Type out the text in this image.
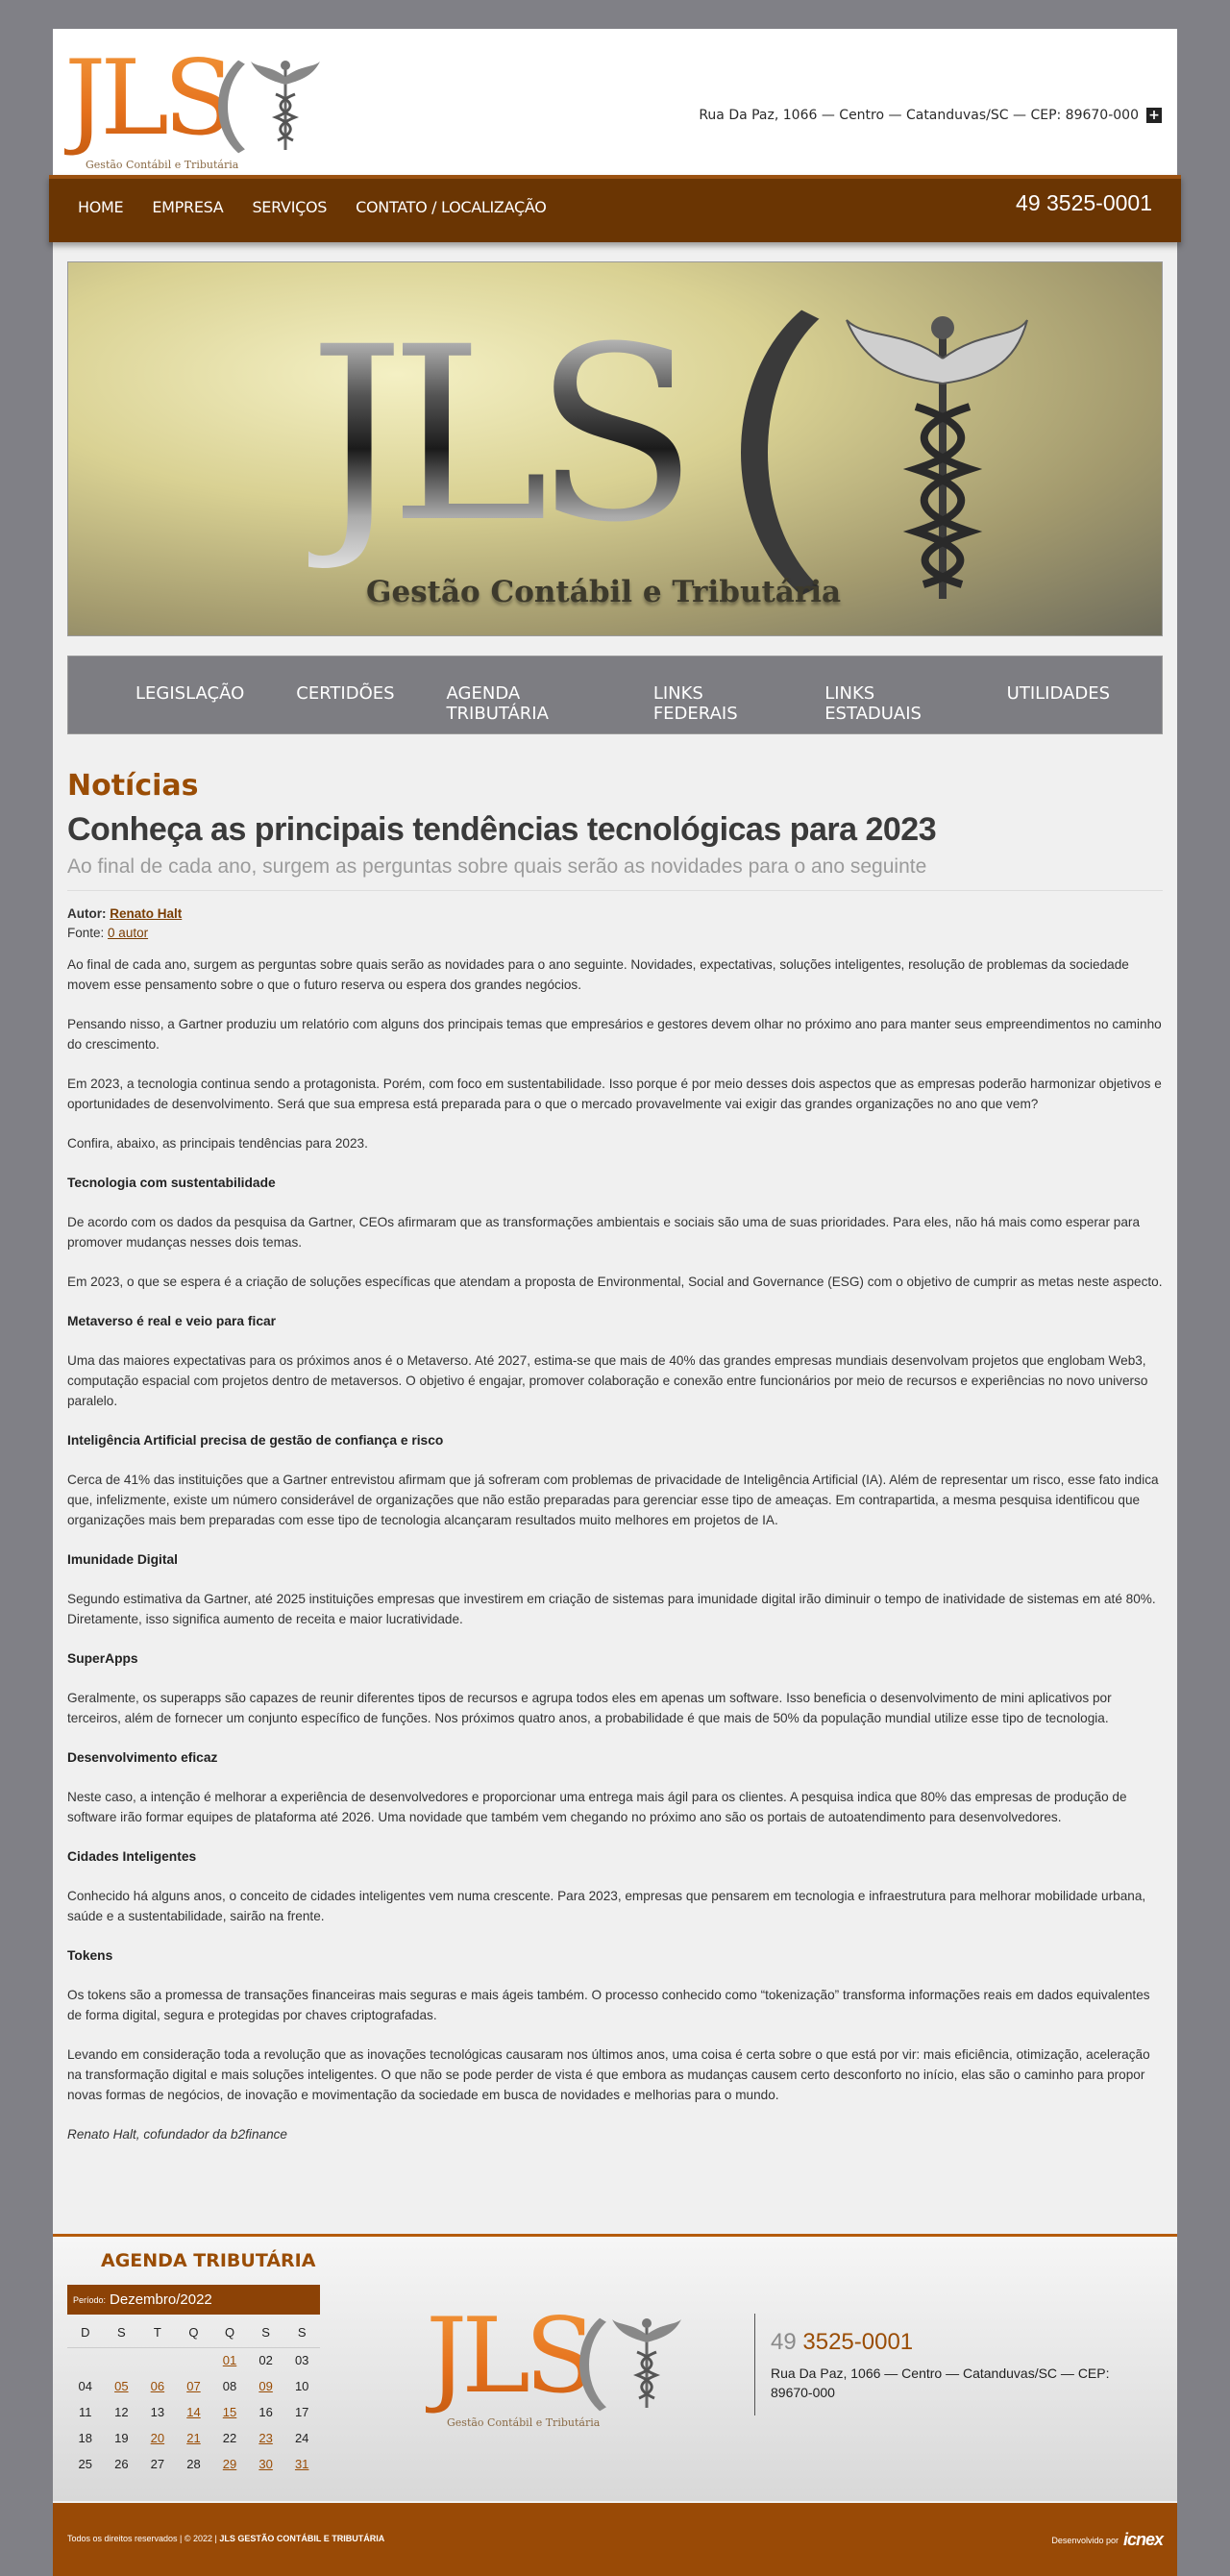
JLS
Gestão Contábil e Tributária
Rua Da Paz, 1066 — Centro — Catanduvas/SC — CEP: 89670-000 +
HOME EMPRESA SERVIÇOS CONTATO / LOCALIZAÇÃO	49 3525-0001
JLS
Gestão Contábil e Tributária
LEGISLAÇÃO	CERTIDÕES	AGENDA TRIBUTÁRIA
LINKS FEDERAIS
LINKS ESTADUAIS
UTILIDADES
Notícias
Conheça as principais tendências tecnológicas para 2023
Ao final de cada ano, surgem as perguntas sobre quais serão as novidades para o ano seguinte
Autor: Renato Halt
Fonte: 0 autor

Ao final de cada ano, surgem as perguntas sobre quais serão as novidades para o ano seguinte. Novidades, expectativas, soluções inteligentes, resolução de problemas da sociedade movem esse pensamento sobre o que o futuro reserva ou espera dos grandes negócios.

Pensando nisso, a Gartner produziu um relatório com alguns dos principais temas que empresários e gestores devem olhar no próximo ano para manter seus empreendimentos no caminho do crescimento.

Em 2023, a tecnologia continua sendo a protagonista. Porém, com foco em sustentabilidade. Isso porque é por meio desses dois aspectos que as empresas poderão harmonizar objetivos e oportunidades de desenvolvimento. Será que sua empresa está preparada para o que o mercado provavelmente vai exigir das grandes organizações no ano que vem?

Confira, abaixo, as principais tendências para 2023.

Tecnologia com sustentabilidade

De acordo com os dados da pesquisa da Gartner, CEOs afirmaram que as transformações ambientais e sociais são uma de suas prioridades. Para eles, não há mais como esperar para promover mudanças nesses dois temas.

Em 2023, o que se espera é a criação de soluções específicas que atendam a proposta de Environmental, Social and Governance (ESG) com o objetivo de cumprir as metas neste aspecto.

Metaverso é real e veio para ficar

Uma das maiores expectativas para os próximos anos é o Metaverso. Até 2027, estima-se que mais de 40% das grandes empresas mundiais desenvolvam projetos que englobam Web3, computação espacial com projetos dentro de metaversos. O objetivo é engajar, promover colaboração e conexão entre funcionários por meio de recursos e experiências no novo universo paralelo.

Inteligência Artificial precisa de gestão de confiança e risco

Cerca de 41% das instituições que a Gartner entrevistou afirmam que já sofreram com problemas de privacidade de Inteligência Artificial (IA). Além de representar um risco, esse fato indica que, infelizmente, existe um número considerável de organizações que não estão preparadas para gerenciar esse tipo de ameaças. Em contrapartida, a mesma pesquisa identificou que organizações mais bem preparadas com esse tipo de tecnologia alcançaram resultados muito melhores em projetos de IA.

Imunidade Digital

Segundo estimativa da Gartner, até 2025 instituições empresas que investirem em criação de sistemas para imunidade digital irão diminuir o tempo de inatividade de sistemas em até 80%. Diretamente, isso significa aumento de receita e maior lucratividade.

SuperApps

Geralmente, os superapps são capazes de reunir diferentes tipos de recursos e agrupa todos eles em apenas um software. Isso beneficia o desenvolvimento de mini aplicativos por terceiros, além de fornecer um conjunto específico de funções. Nos próximos quatro anos, a probabilidade é que mais de 50% da população mundial utilize esse tipo de tecnologia.

Desenvolvimento eficaz

Neste caso, a intenção é melhorar a experiência de desenvolvedores e proporcionar uma entrega mais ágil para os clientes. A pesquisa indica que 80% das empresas de produção de software irão formar equipes de plataforma até 2026. Uma novidade que também vem chegando no próximo ano são os portais de autoatendimento para desenvolvedores.

Cidades Inteligentes

Conhecido há alguns anos, o conceito de cidades inteligentes vem numa crescente. Para 2023, empresas que pensarem em tecnologia e infraestrutura para melhorar mobilidade urbana, saúde e a sustentabilidade, sairão na frente.

Tokens

Os tokens são a promessa de transações financeiras mais seguras e mais ágeis também. O processo conhecido como “tokenização” transforma informações reais em dados equivalentes de forma digital, segura e protegidas por chaves criptografadas.

Levando em consideração toda a revolução que as inovações tecnológicas causaram nos últimos anos, uma coisa é certa sobre o que está por vir: mais eficiência, otimização, aceleração na transformação digital e mais soluções inteligentes. O que não se pode perder de vista é que embora as mudanças causem certo desconforto no início, elas são o caminho para propor novas formas de negócios, de inovação e movimentação da sociedade em busca de novidades e melhorias para o mundo.

Renato Halt, cofundador da b2finance

AGENDA TRIBUTÁRIA
Período: Dezembro/2022
D	S	T	Q	Q	S	S
				01	02	03
04	05	06	07	08	09	10
11	12	13	14	15	16	17
18	19	20	21	22	23	24
25	26	27	28	29	30	31
JLS
Gestão Contábil e Tributária
49 3525-0001
Rua Da Paz, 1066 — Centro — Catanduvas/SC — CEP: 89670-000
Todos os direitos reservados | © 2022 | JLS GESTÃO CONTÁBIL E TRIBUTÁRIA	Desenvolvido por icnex
